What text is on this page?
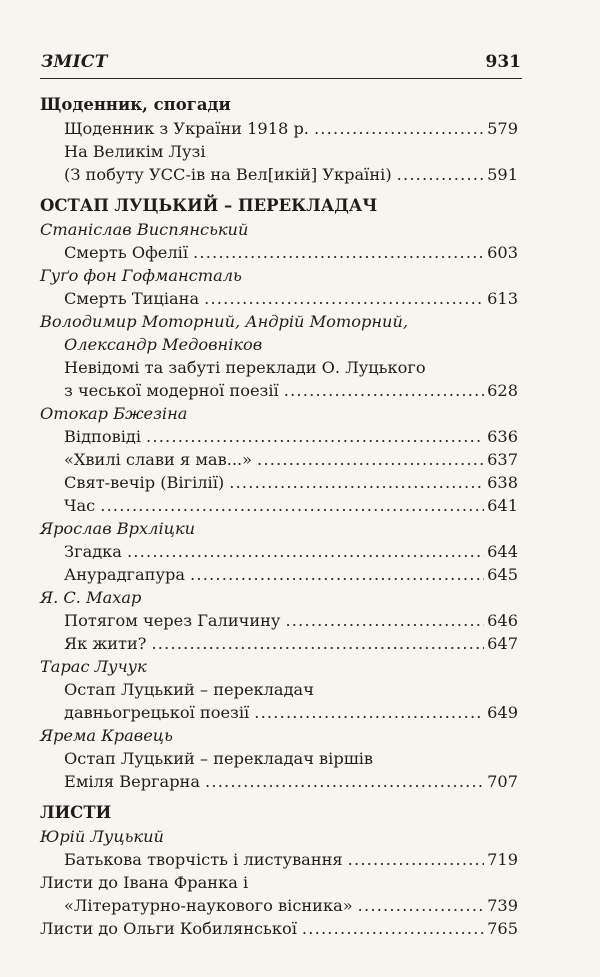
ЗМІСТ	931
Щоденник, спогади
Щоденник з України 1918 р. .....	579
На Великім Лузі
(З побуту УСС-ів на Вел[икій] Україні) .....	591
ОСТАП ЛУЦЬКИЙ – ПЕРЕКЛАДАЧ
Станіслав Виспянський
Смерть Офелії .....	603
Гуґо фон Гофмансталь
Смерть Тиціана .....	613
Володимир Моторний, Андрій Моторний,
Олександр Медовніков
Невідомі та забуті переклади О. Луцького
з чеської модерної поезії .....	628
Отокар Бжезіна
Відповіді .....	636
«Хвилі слави я мав...» .....	637
Свят-вечір (Вігілії) .....	638
Час .....	641
Ярослав Врхліцки
Згадка .....	644
Анурадгапура .....	645
Я. С. Махар
Потягом через Галичину .....	646
Як жити? .....	647
Тарас Лучук
Остап Луцький – перекладач
давньогрецької поезії .....	649
Ярема Кравець
Остап Луцький – перекладач віршів
Еміля Вергарна .....	707
ЛИСТИ
Юрій Луцький
Батькова творчість і листування .....	719
Листи до Івана Франка і
«Літературно-наукового вісника» .....	739
Листи до Ольги Кобилянської .....	765
